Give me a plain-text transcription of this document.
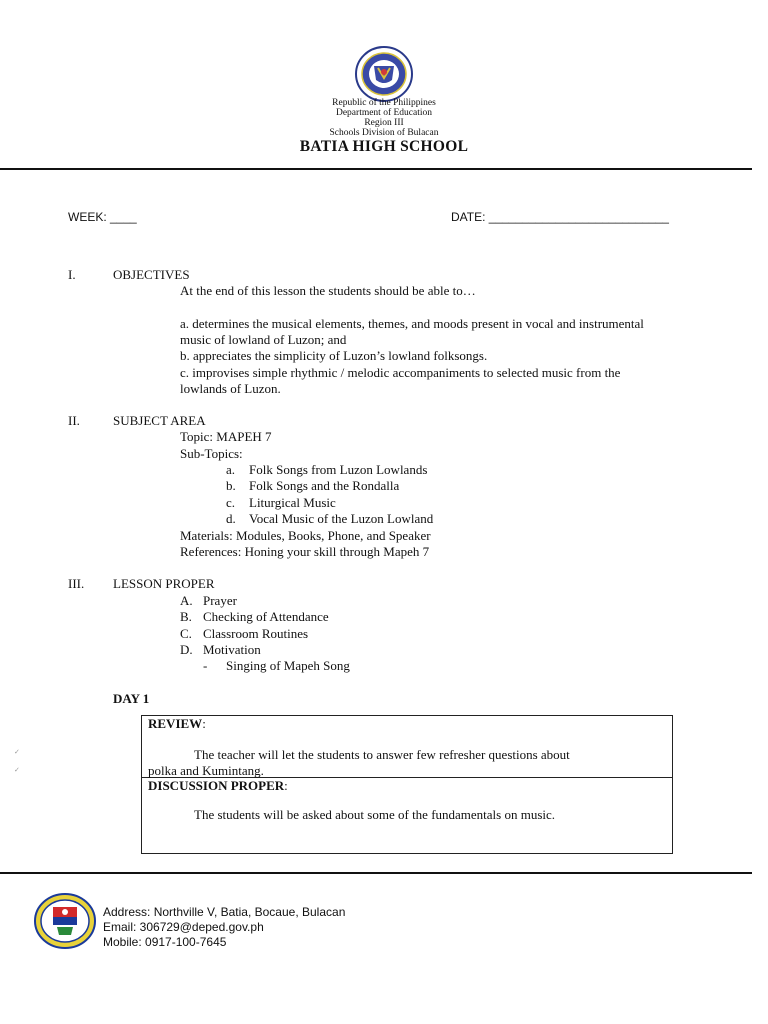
Republic of the Philippines
Department of Education
Region III
Schools Division of Bulacan
BATIA HIGH SCHOOL
WEEK: ____	DATE: ___________________________
I.	OBJECTIVES
At the end of this lesson the students should be able to…
a. determines the musical elements, themes, and moods present in vocal and instrumental
music of lowland of Luzon; and
b. appreciates the simplicity of Luzon’s lowland folksongs.
c. improvises simple rhythmic / melodic accompaniments to selected music from the
lowlands of Luzon.
II.	SUBJECT AREA
Topic: MAPEH 7
Sub-Topics:
a. Folk Songs from Luzon Lowlands
b. Folk Songs and the Rondalla
c. Liturgical Music
d. Vocal Music of the Luzon Lowland
Materials: Modules, Books, Phone, and Speaker
References: Honing your skill through Mapeh 7
III. LESSON PROPER
A. Prayer
B. Checking of Attendance
C. Classroom Routines
D. Motivation
- Singing of Mapeh Song
DAY 1
REVIEW:
The teacher will let the students to answer few refresher questions about
polka and Kumintang.
DISCUSSION PROPER:
The students will be asked about some of the fundamentals on music.
✓
✓
Address: Northville V, Batia, Bocaue, Bulacan
Email: 306729@deped.gov.ph
Mobile: 0917-100-7645
